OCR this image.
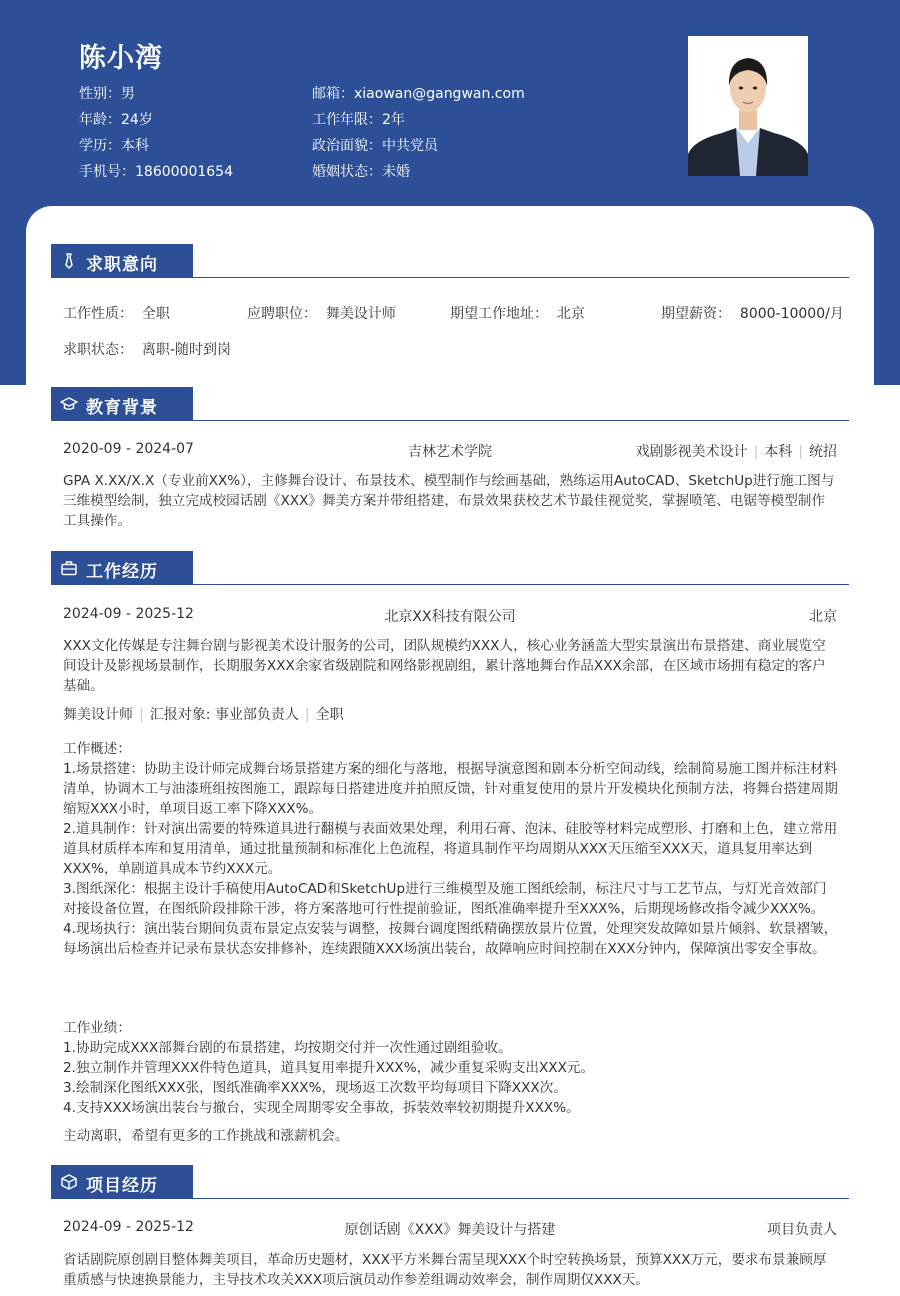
陈小湾
性别：男
年龄：24岁
学历：本科
手机号：18600001654
邮箱：xiaowan@gangwan.com
工作年限：2年
政治面貌：中共党员
婚姻状态：未婚
求职意向
工作性质： 全职	应聘职位： 舞美设计师	期望工作地址： 北京	期望薪资： 8000-10000/月
求职状态： 离职-随时到岗
教育背景
2020-09 - 2024-07	吉林艺术学院	戏剧影视美术设计 | 本科 | 统招
GPA X.XX/X.X（专业前XX%），主修舞台设计、布景技术、模型制作与绘画基础，熟练运用AutoCAD、SketchUp进行施工图与三维模型绘制，独立完成校园话剧《XXX》舞美方案并带组搭建，布景效果获校艺术节最佳视觉奖，掌握喷笔、电锯等模型制作工具操作。
工作经历
2024-09 - 2025-12	北京XX科技有限公司	北京
XXX文化传媒是专注舞台剧与影视美术设计服务的公司，团队规模约XXX人，核心业务涵盖大型实景演出布景搭建、商业展览空间设计及影视场景制作，长期服务XXX余家省级剧院和网络影视剧组，累计落地舞台作品XXX余部，在区域市场拥有稳定的客户基础。
舞美设计师 | 汇报对象: 事业部负责人 | 全职
工作概述：
1.场景搭建：协助主设计师完成舞台场景搭建方案的细化与落地，根据导演意图和剧本分析空间动线，绘制简易施工图并标注材料清单，协调木工与油漆班组按图施工，跟踪每日搭建进度并拍照反馈，针对重复使用的景片开发模块化预制方法，将舞台搭建周期缩短XXX小时，单项目返工率下降XXX%。
2.道具制作：针对演出需要的特殊道具进行翻模与表面效果处理，利用石膏、泡沫、硅胶等材料完成塑形、打磨和上色，建立常用道具材质样本库和复用清单，通过批量预制和标准化上色流程，将道具制作平均周期从XXX天压缩至XXX天，道具复用率达到XXX%，单剧道具成本节约XXX元。
3.图纸深化：根据主设计手稿使用AutoCAD和SketchUp进行三维模型及施工图纸绘制，标注尺寸与工艺节点，与灯光音效部门对接设备位置，在图纸阶段排除干涉，将方案落地可行性提前验证，图纸准确率提升至XXX%，后期现场修改指令减少XXX%。
4.现场执行：演出装台期间负责布景定点安装与调整，按舞台调度图纸精确摆放景片位置，处理突发故障如景片倾斜、软景褶皱，每场演出后检查并记录布景状态安排修补，连续跟随XXX场演出装台，故障响应时间控制在XXX分钟内，保障演出零安全事故。
工作业绩：
1.协助完成XXX部舞台剧的布景搭建，均按期交付并一次性通过剧组验收。
2.独立制作并管理XXX件特色道具，道具复用率提升XXX%，减少重复采购支出XXX元。
3.绘制深化图纸XXX张，图纸准确率XXX%，现场返工次数平均每项目下降XXX次。
4.支持XXX场演出装台与撤台，实现全周期零安全事故，拆装效率较初期提升XXX%。
主动离职，希望有更多的工作挑战和涨薪机会。
项目经历
2024-09 - 2025-12	原创话剧《XXX》舞美设计与搭建	项目负责人
省话剧院原创剧目整体舞美项目，革命历史题材，XXX平方米舞台需呈现XXX个时空转换场景，预算XXX万元，要求布景兼顾厚重质感与快速换景能力，主导技术攻关XXX项后演员动作参差组调动效率会，制作周期仅XXX天。
